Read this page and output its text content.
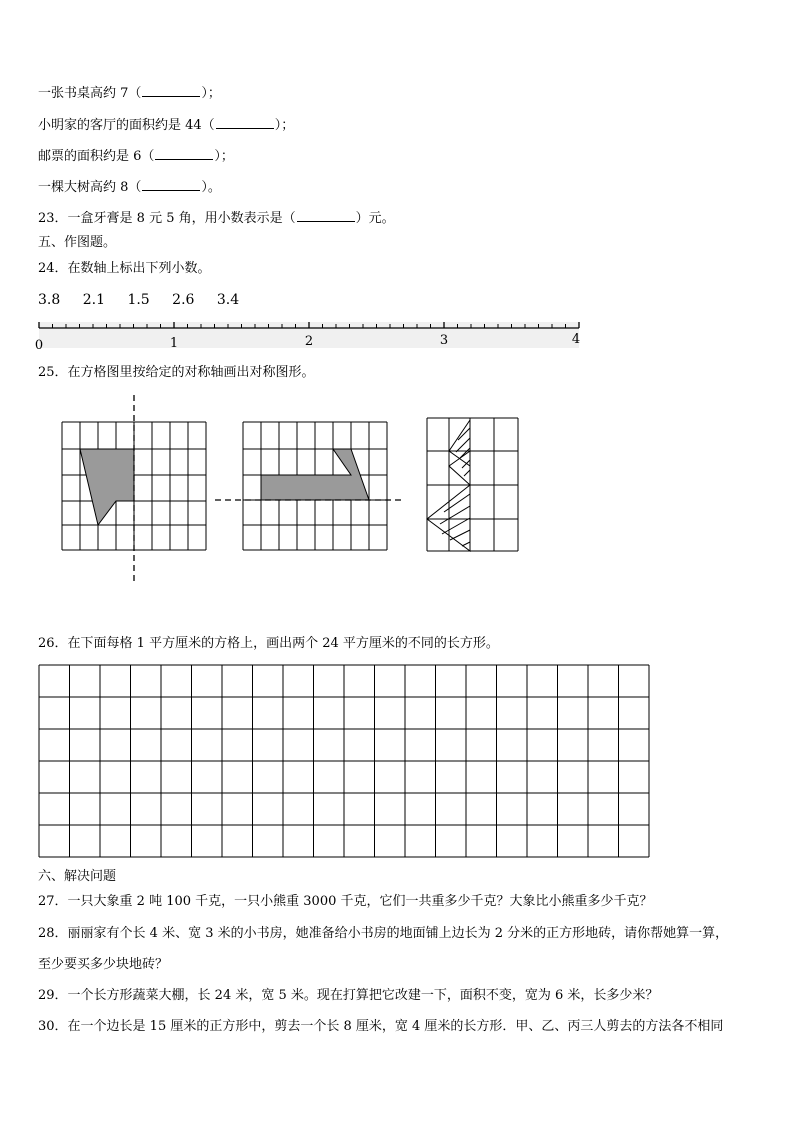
一张书桌高约 7（	）；
小明家的客厅的面积约是 44（	）；
邮票的面积约是 6（	）；
一棵大树高约 8（	）。
23．一盒牙膏是 8 元 5 角，用小数表示是（	）元。
五、作图题。
24．在数轴上标出下列小数。
3.8 2.1 1.5 2.6 3.4
0	1	2	3	4
25．在方格图里按给定的对称轴画出对称图形。
26．在下面每格 1 平方厘米的方格上，画出两个 24 平方厘米的不同的长方形。
六、解决问题
27．一只大象重 2 吨 100 千克，一只小熊重 3000 千克，它们一共重多少千克？大象比小熊重多少千克？
28．丽丽家有个长 4 米、宽 3 米的小书房，她准备给小书房的地面铺上边长为 2 分米的正方形地砖，请你帮她算一算，
至少要买多少块地砖？
29．一个长方形蔬菜大棚，长 24 米，宽 5 米。现在打算把它改建一下，面积不变，宽为 6 米，长多少米？
30．在一个边长是 15 厘米的正方形中，剪去一个长 8 厘米，宽 4 厘米的长方形．甲、乙、丙三人剪去的方法各不相同
